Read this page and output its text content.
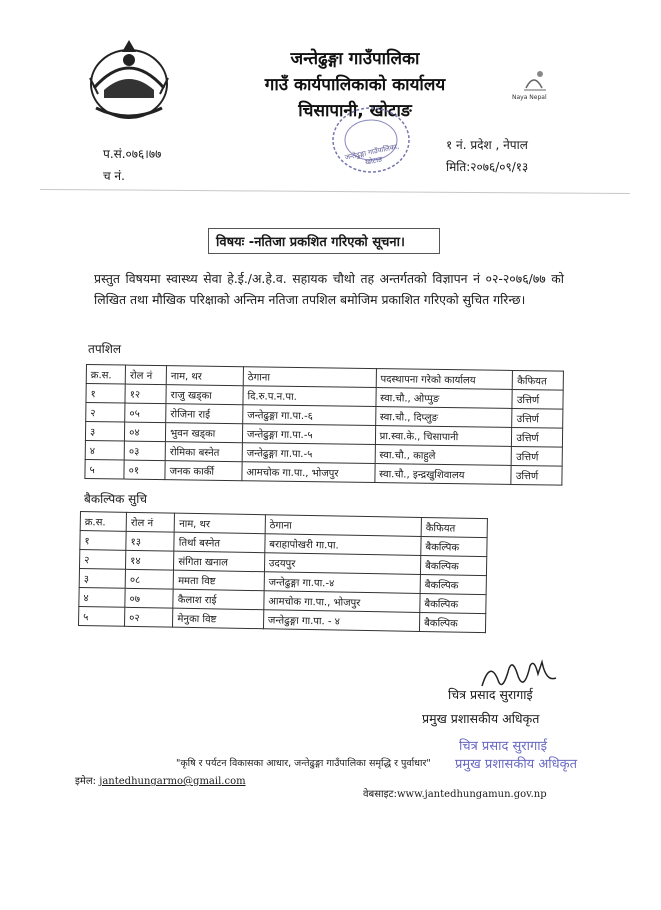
जन्तेढुङ्गा गाउँपालिका
गाउँ कार्यपालिकाको कार्यालय
चिसापानी, खोटाङ
Naya Nepal
जन्तेढुङ्गा गाउँपालिका, खोटाङ
प.सं.०७६।७७
च नं.
१ नं. प्रदेश , नेपाल
मिति:२०७६/०९/१३
विषयः -नतिजा प्रकशित गरिएको सूचना।
प्रस्तुत विषयमा स्वास्थ्य सेवा हे.ई./अ.हे.व. सहायक चौथो तह अन्तर्गतको विज्ञापन नं ०२-२०७६/७७ को लिखित तथा मौखिक परिक्षाको अन्तिम नतिजा तपशिल बमोजिम प्रकाशित गरिएको सुचित गरिन्छ।
तपशिल
क्र.स.	रोल नं	नाम, थर	ठेगाना	पदस्थापना गरेको कार्यालय	कैफियत
१	१२	राजु खड्का	दि.रु.प.न.पा.	स्वा.चौ., ओप्पुङ	उत्तिर्ण
२	०५	रोजिना राई	जन्तेढुङ्गा गा.पा.-६	स्वा.चौ., दिप्लुङ	उत्तिर्ण
३	०४	भुवन खड्का	जन्तेढुङ्गा गा.पा.-५	प्रा.स्वा.के., चिसापानी	उत्तिर्ण
४	०३	रोमिका बस्नेत	जन्तेढुङ्गा गा.पा.-५	स्वा.चौ., काहुले	उत्तिर्ण
५	०१	जनक कार्की	आमचोक गा.पा., भोजपुर	स्वा.चौ., इन्द्रखुशिवालय	उत्तिर्ण
बैकल्पिक सुचि
क्र.स.	रोल नं	नाम, थर	ठेगाना	कैफियत
१	१३	तिर्था बस्नेत	बराहापोखरी गा.पा.	बैकल्पिक
२	१४	संगिता खनाल	उदयपुर	बैकल्पिक
३	०८	ममता विष्ट	जन्तेढुङ्गा गा.पा.-४	बैकल्पिक
४	०७	कैलाश राई	आमचोक गा.पा., भोजपुर	बैकल्पिक
५	०२	मेनुका विष्ट	जन्तेढुङ्गा गा.पा. - ४	बैकल्पिक
चित्र प्रसाद सुरागाई
प्रमुख प्रशासकीय अधिकृत
चित्र प्रसाद सुरागाई
प्रमुख प्रशासकीय अधिकृत
"कृषि र पर्यटन विकासका आधार, जन्तेढुङ्गा गाउँपालिका समृद्धि र पुर्वाधार"
इमेल: jantedhungarmo@gmail.com
वेबसाइट:www.jantedhungamun.gov.np
